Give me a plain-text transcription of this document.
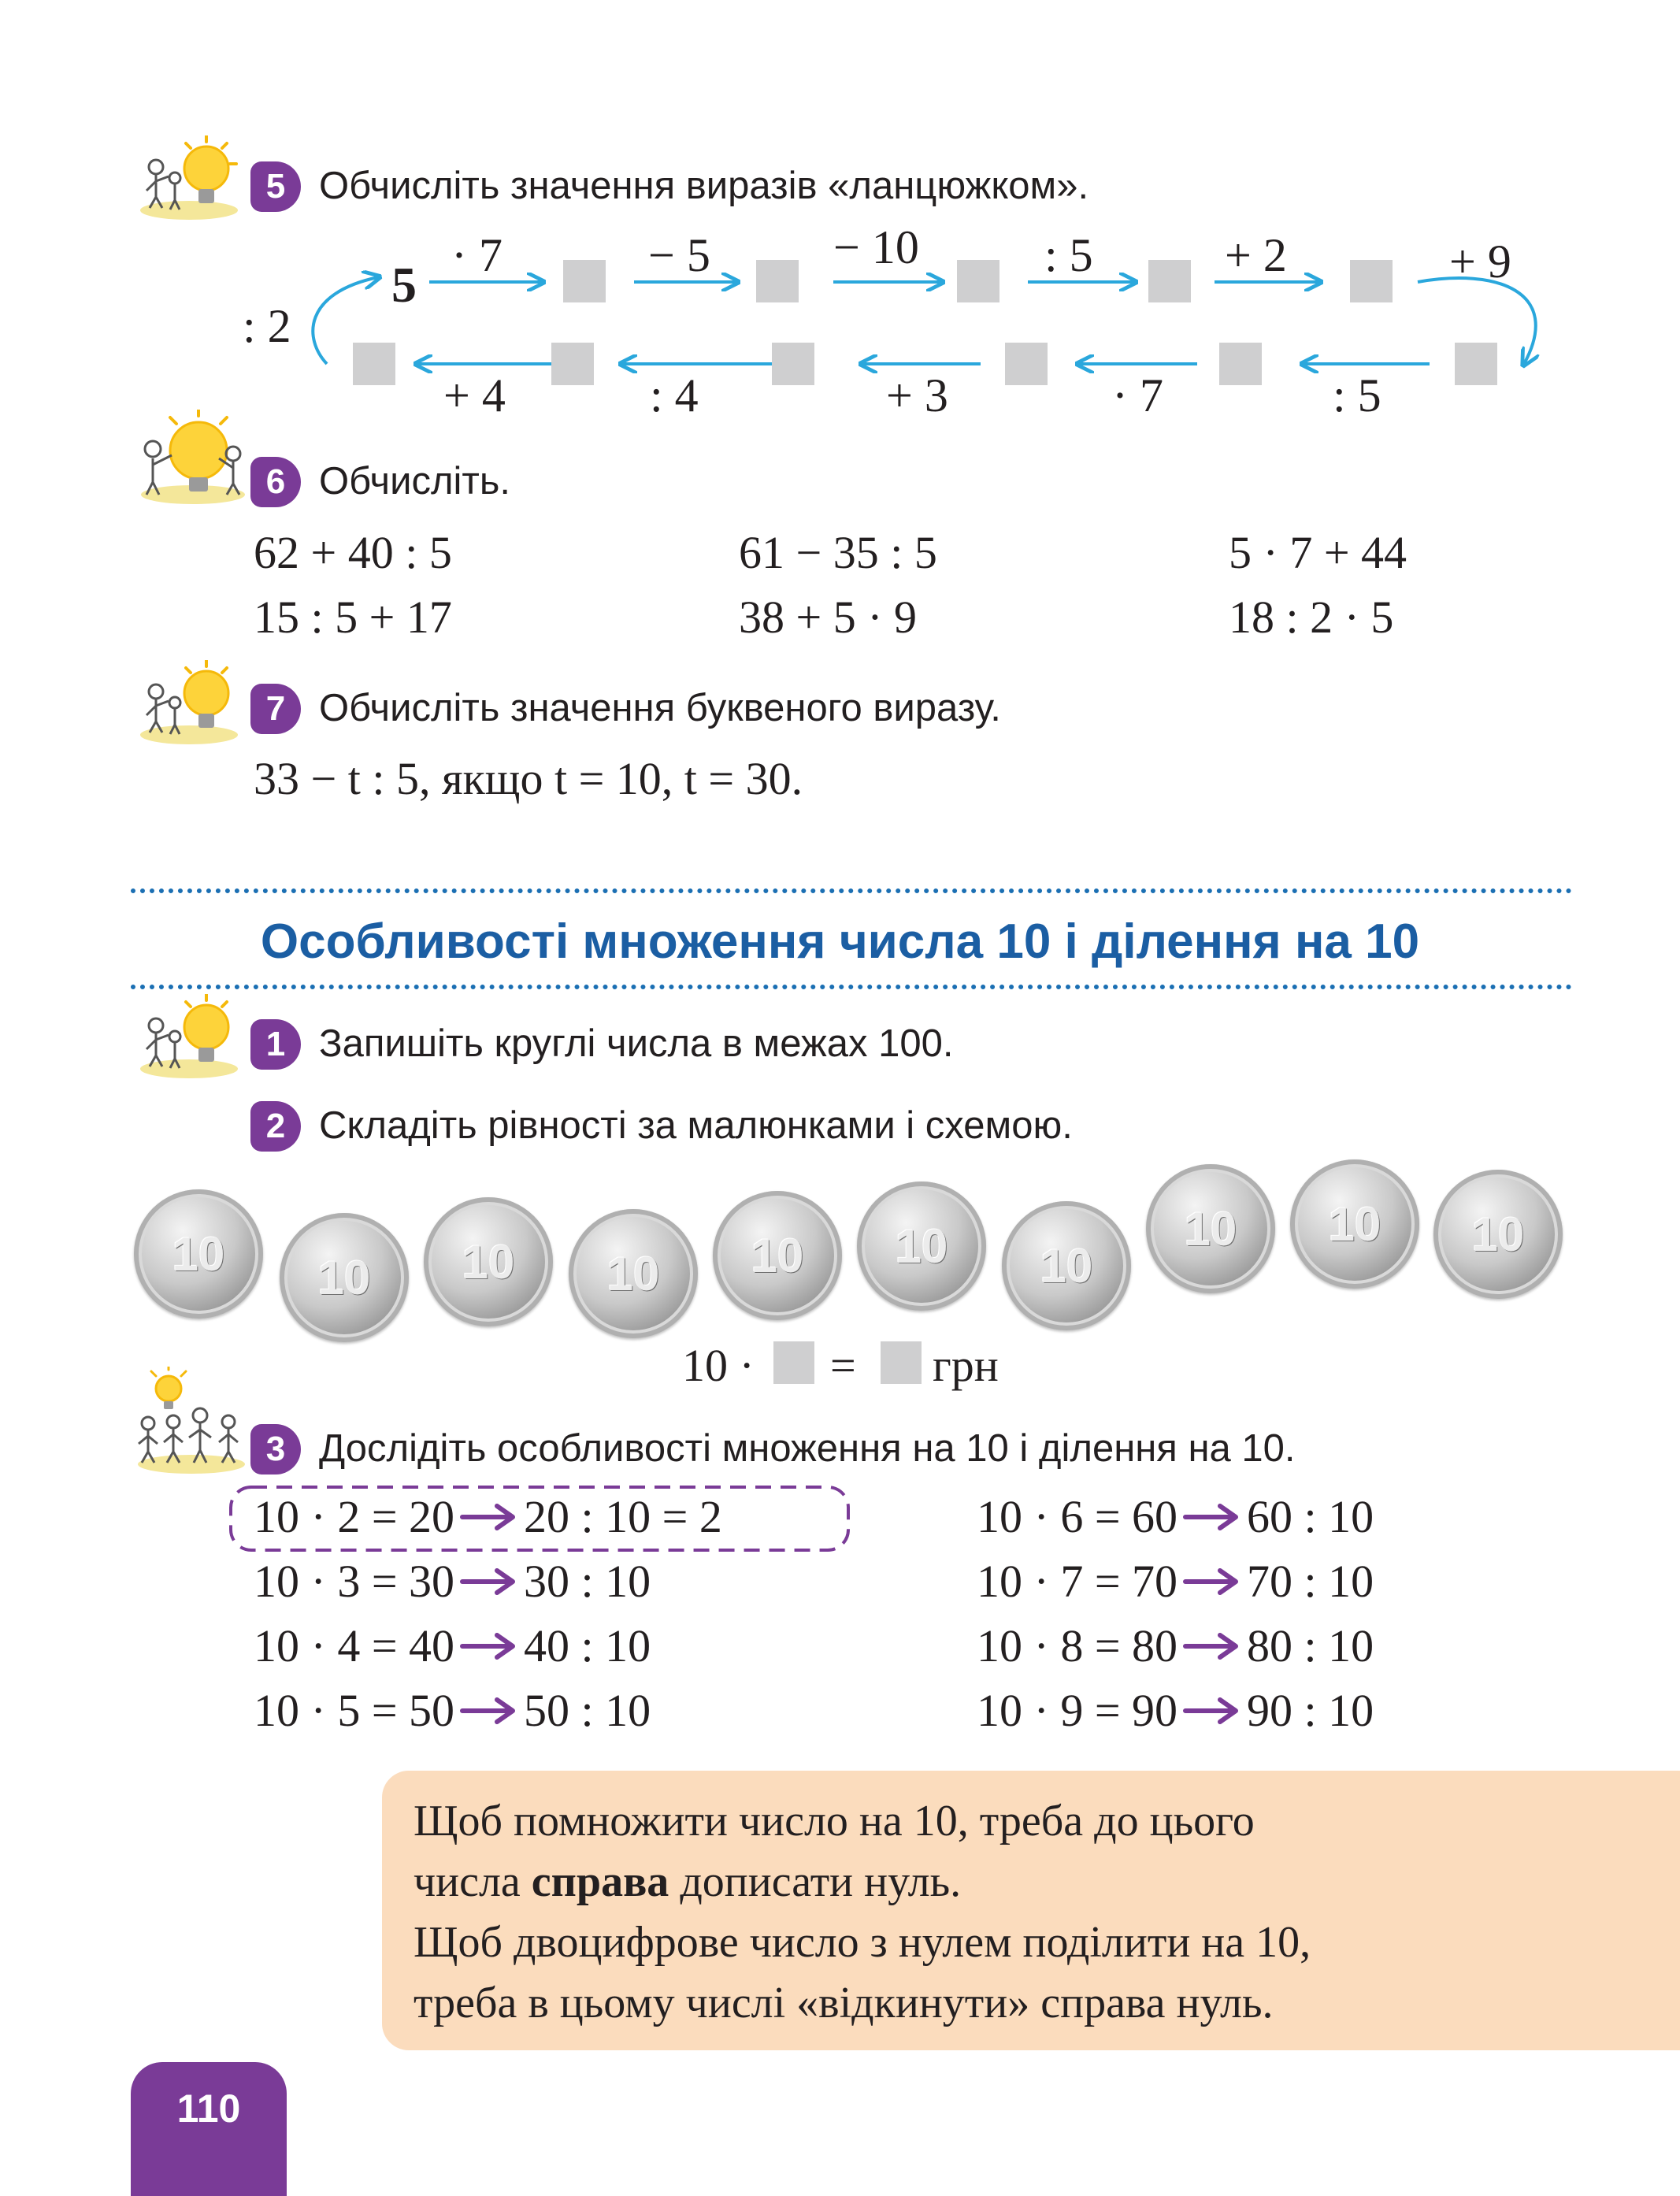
5 Обчисліть значення виразів «ланцюжком».
5
: 2
· 7	− 5	− 10	: 5	+ 2	+ 9
+ 4	: 4	+ 3	· 7	: 5
6 Обчисліть.
62 + 40 : 5	61 − 35 : 5	5 · 7 + 44
15 : 5 + 17	38 + 5 · 9	18 : 2 · 5
7 Обчисліть значення буквеного виразу.
33 − t : 5, якщо t = 10, t = 30.
Особливості множення числа 10 і ділення на 10
1 Запишіть круглі числа в межах 100.
2 Складіть рівності за малюнками і схемою.
10 10 10 10 10 10 10
10 10 10
10 · = грн
3 Дослідіть особливості множення на 10 і ділення на 10.
10 · 2 = 20 20 : 10 = 2
10 · 3 = 30 30 : 10
10 · 4 = 40 40 : 10
10 · 5 = 50 50 : 10
10 · 6 = 60 60 : 10
10 · 7 = 70 70 : 10
10 · 8 = 80 80 : 10
10 · 9 = 90 90 : 10
Щоб помножити число на 10, треба до цього
числа справа дописати нуль.
Щоб двоцифрове число з нулем поділити на 10,
треба в цьому числі «відкинути» справа нуль.
110
